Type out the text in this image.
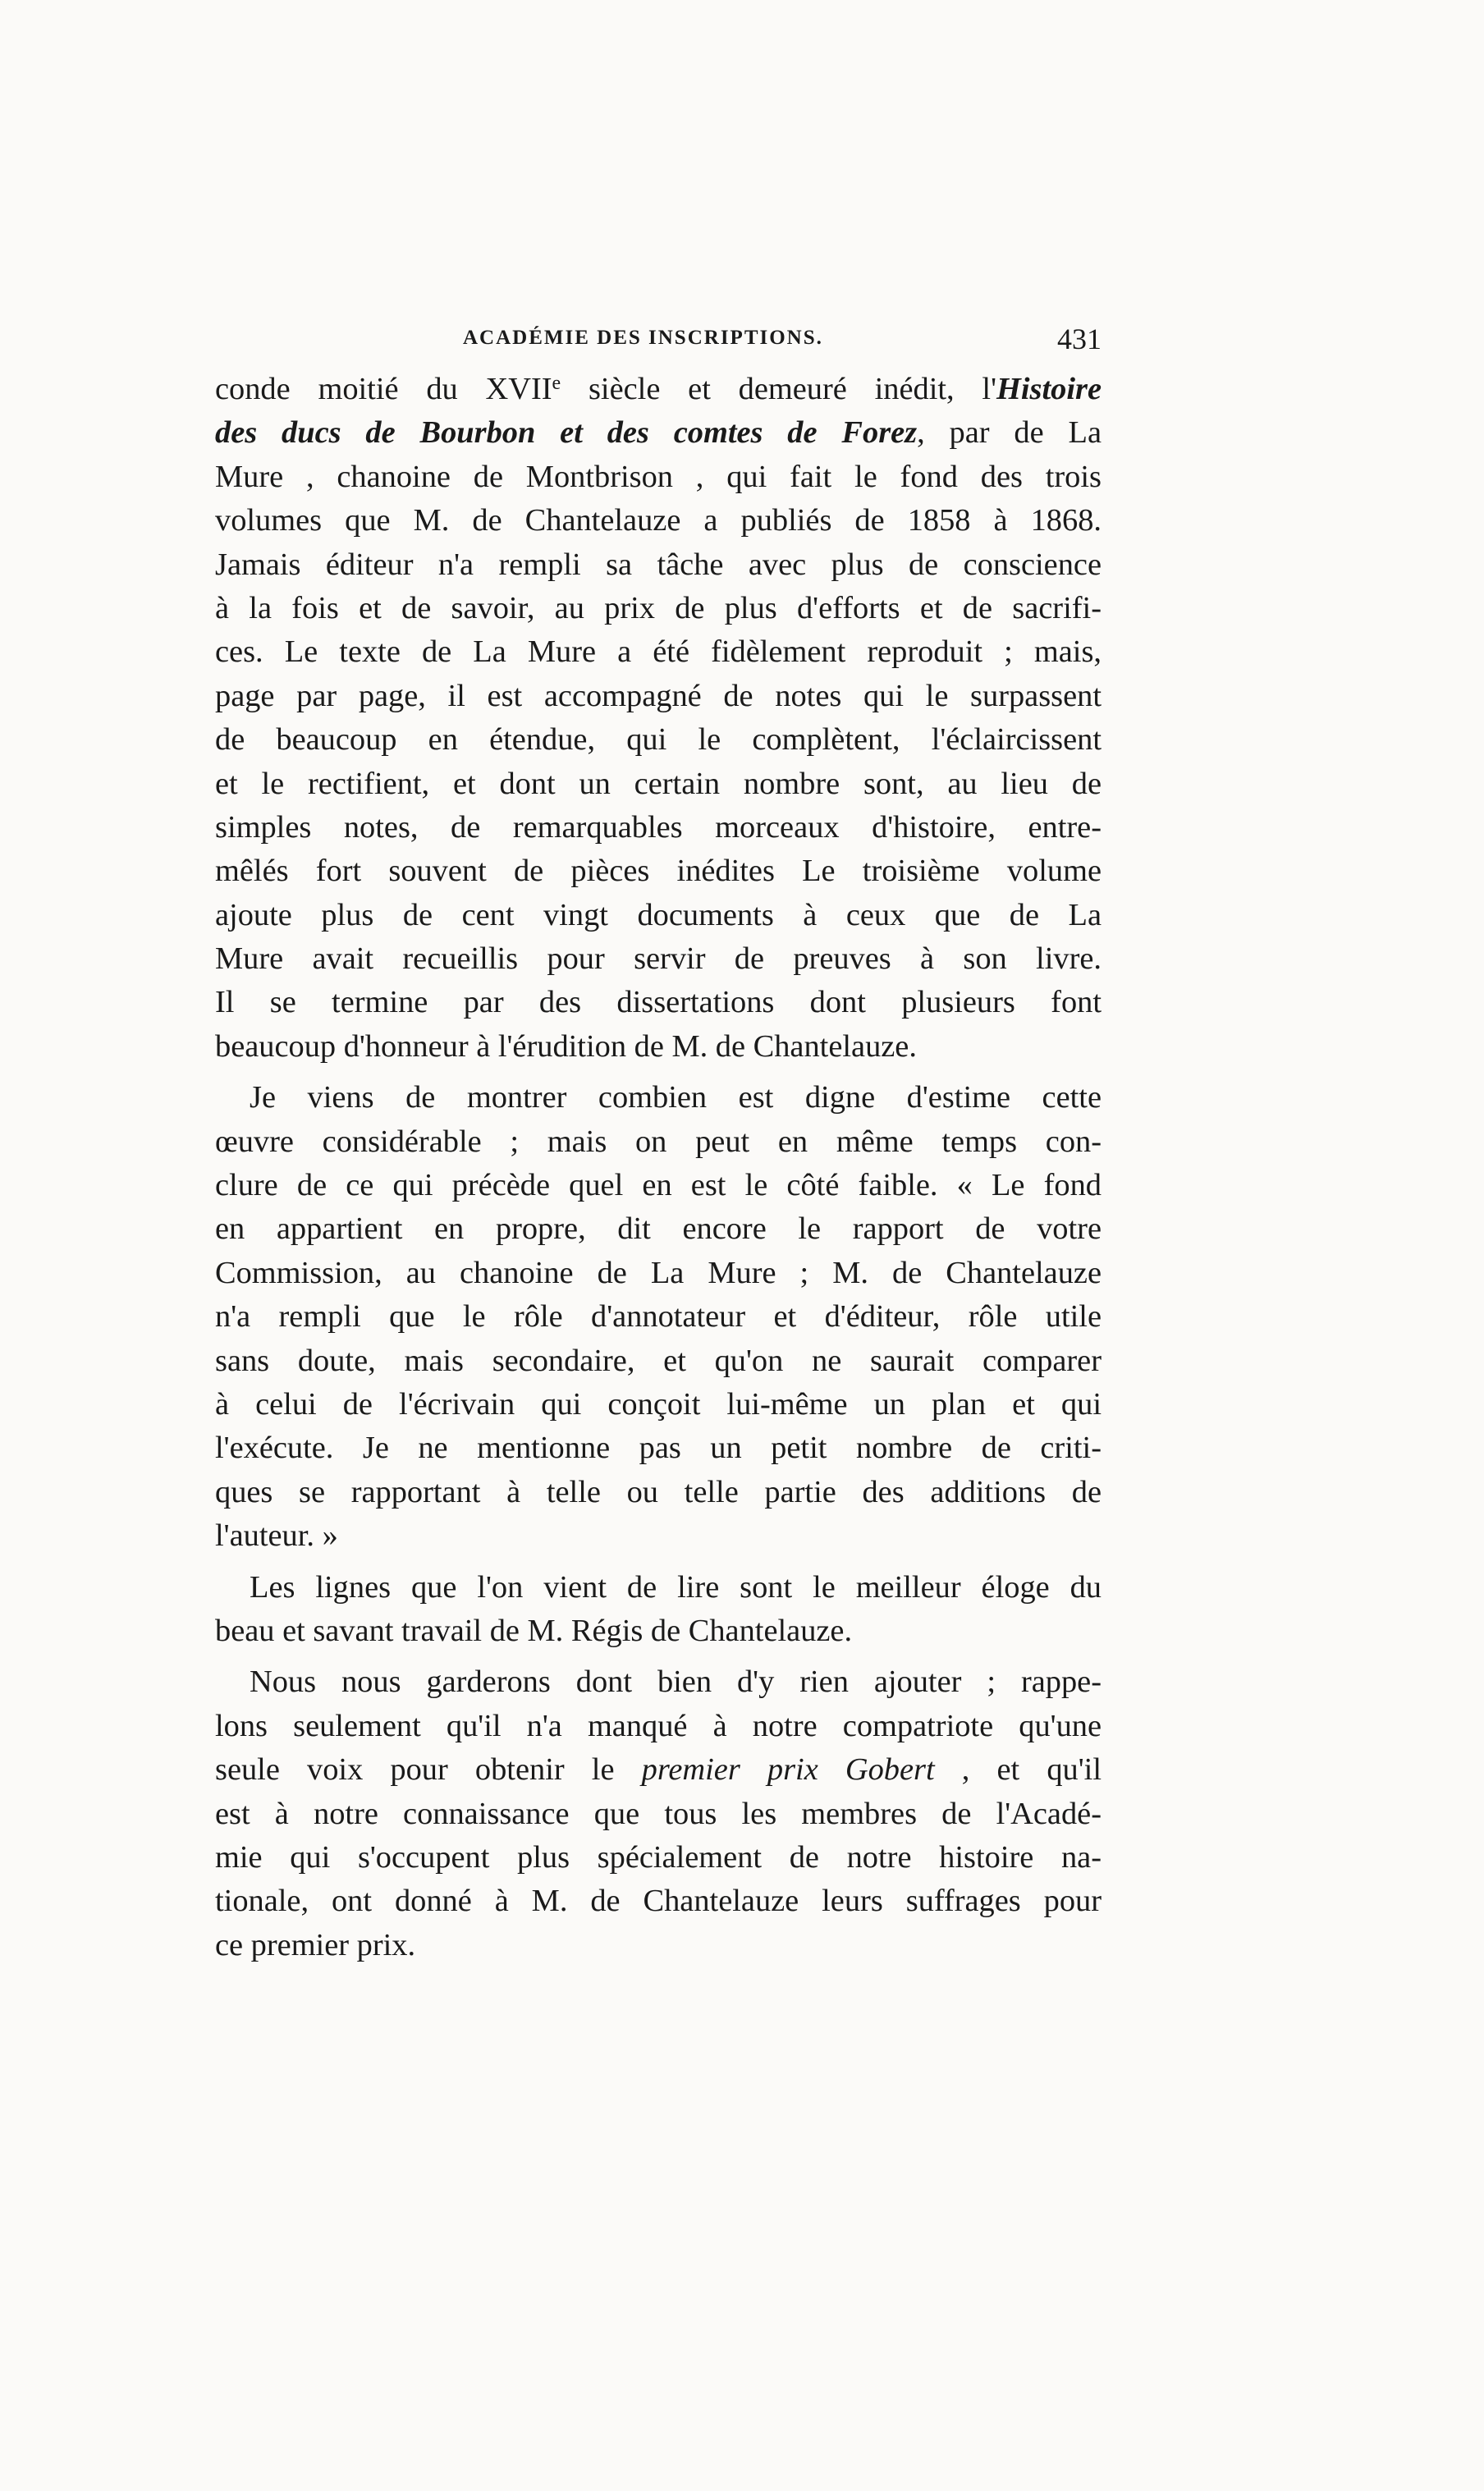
ACADÉMIE DES INSCRIPTIONS.	431
conde moitié du XVIIe siècle et demeuré inédit, l'Histoire
des ducs de Bourbon et des comtes de Forez, par de La
Mure , chanoine de Montbrison , qui fait le fond des trois
volumes que M. de Chantelauze a publiés de 1858 à 1868.
Jamais éditeur n'a rempli sa tâche avec plus de conscience
à la fois et de savoir, au prix de plus d'efforts et de sacrifi-
ces. Le texte de La Mure a été fidèlement reproduit ; mais,
page par page, il est accompagné de notes qui le surpassent
de beaucoup en étendue, qui le complètent, l'éclaircissent
et le rectifient, et dont un certain nombre sont, au lieu de
simples notes, de remarquables morceaux d'histoire, entre-
mêlés fort souvent de pièces inédites Le troisième volume
ajoute plus de cent vingt documents à ceux que de La
Mure avait recueillis pour servir de preuves à son livre.
Il se termine par des dissertations dont plusieurs font
beaucoup d'honneur à l'érudition de M. de Chantelauze.
Je viens de montrer combien est digne d'estime cette
œuvre considérable ; mais on peut en même temps con-
clure de ce qui précède quel en est le côté faible. « Le fond
en appartient en propre, dit encore le rapport de votre
Commission, au chanoine de La Mure ; M. de Chantelauze
n'a rempli que le rôle d'annotateur et d'éditeur, rôle utile
sans doute, mais secondaire, et qu'on ne saurait comparer
à celui de l'écrivain qui conçoit lui-même un plan et qui
l'exécute. Je ne mentionne pas un petit nombre de criti-
ques se rapportant à telle ou telle partie des additions de
l'auteur. »
Les lignes que l'on vient de lire sont le meilleur éloge du
beau et savant travail de M. Régis de Chantelauze.
Nous nous garderons dont bien d'y rien ajouter ; rappe-
lons seulement qu'il n'a manqué à notre compatriote qu'une
seule voix pour obtenir le premier prix Gobert , et qu'il
est à notre connaissance que tous les membres de l'Acadé-
mie qui s'occupent plus spécialement de notre histoire na-
tionale, ont donné à M. de Chantelauze leurs suffrages pour
ce premier prix.
